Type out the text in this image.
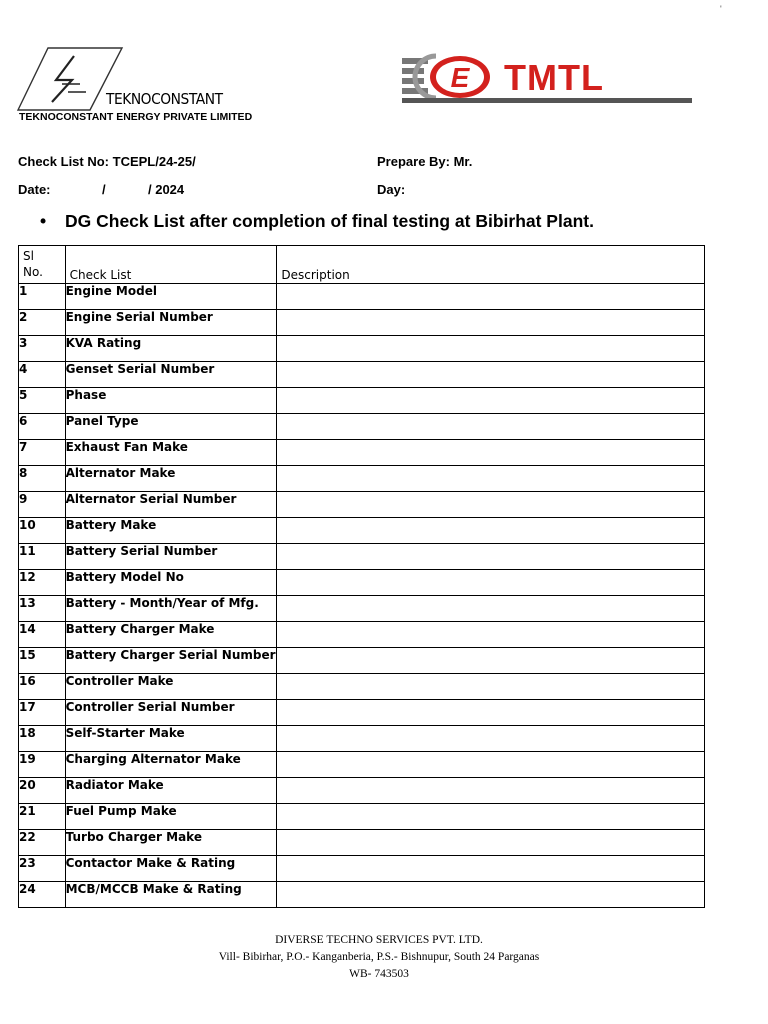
'
TEKNOCONSTANT
TEKNOCONSTANT ENERGY PRIVATE LIMITED
E TMTL
Check List No: TCEPL/24-25/	Prepare By: Mr.
Date:	/	/ 2024	Day:
• DG Check List after completion of final testing at Bibirhat Plant.
Sl
No.	Check List	Description
1	Engine Model	
2	Engine Serial Number	
3	KVA Rating	
4	Genset Serial Number	
5	Phase	
6	Panel Type	
7	Exhaust Fan Make	
8	Alternator Make	
9	Alternator Serial Number	
10	Battery Make	
11	Battery Serial Number	
12	Battery Model No	
13	Battery - Month/Year of Mfg.	
14	Battery Charger Make	
15	Battery Charger Serial Number	
16	Controller Make	
17	Controller Serial Number	
18	Self-Starter Make	
19	Charging Alternator Make	
20	Radiator Make	
21	Fuel Pump Make	
22	Turbo Charger Make	
23	Contactor Make & Rating	
24	MCB/MCCB Make & Rating	
DIVERSE TECHNO SERVICES PVT. LTD.
Vill- Bibirhar, P.O.- Kanganberia, P.S.- Bishnupur, South 24 Parganas
WB- 743503
